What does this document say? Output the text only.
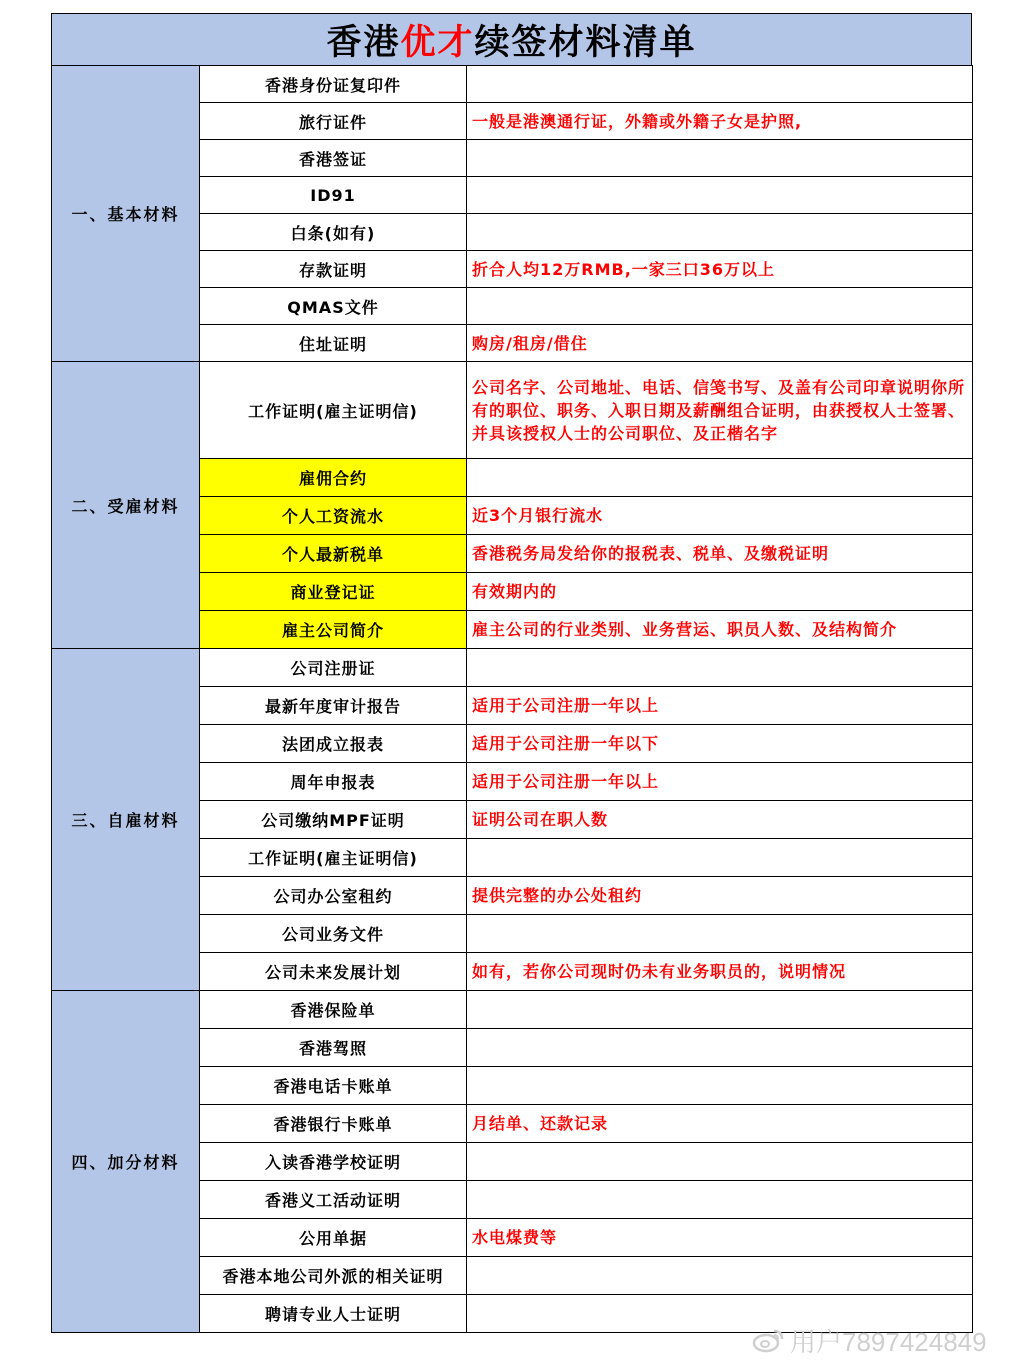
香港 优才 续签材料清单
一、基本材料	香港身份证复印件	
	旅行证件	一般是港澳通行证，外籍或外籍子女是护照,
	香港签证	
	ID91	
	白条(如有)	
	存款证明	折合人均12万RMB,一家三口36万以上
	QMAS文件	
	住址证明	购房/租房/借住
二、受雇材料	工作证明(雇主证明信)	公司名字、公司地址、电话、信笺书写、及盖有公司印章说明你所有的职位、职务、入职日期及薪酬组合证明，由获授权人士签署、并具该授权人士的公司职位、及正楷名字
	雇佣合约	
	个人工资流水	近3个月银行流水
	个人最新税单	香港税务局发给你的报税表、税单、及缴税证明
	商业登记证	有效期内的
	雇主公司简介	雇主公司的行业类别、业务营运、职员人数、及结构简介
三、自雇材料	公司注册证	
	最新年度审计报告	适用于公司注册一年以上
	法团成立报表	适用于公司注册一年以下
	周年申报表	适用于公司注册一年以上
	公司缴纳MPF证明	证明公司在职人数
	工作证明(雇主证明信)	
	公司办公室租约	提供完整的办公处租约
	公司业务文件	
	公司未来发展计划	如有，若你公司现时仍未有业务职员的，说明情况
四、加分材料	香港保险单	
	香港驾照	
	香港电话卡账单	
	香港银行卡账单	月结单、还款记录
	入读香港学校证明	
	香港义工活动证明	
	公用单据	水电煤费等
	香港本地公司外派的相关证明	
	聘请专业人士证明	
用户7897424849
